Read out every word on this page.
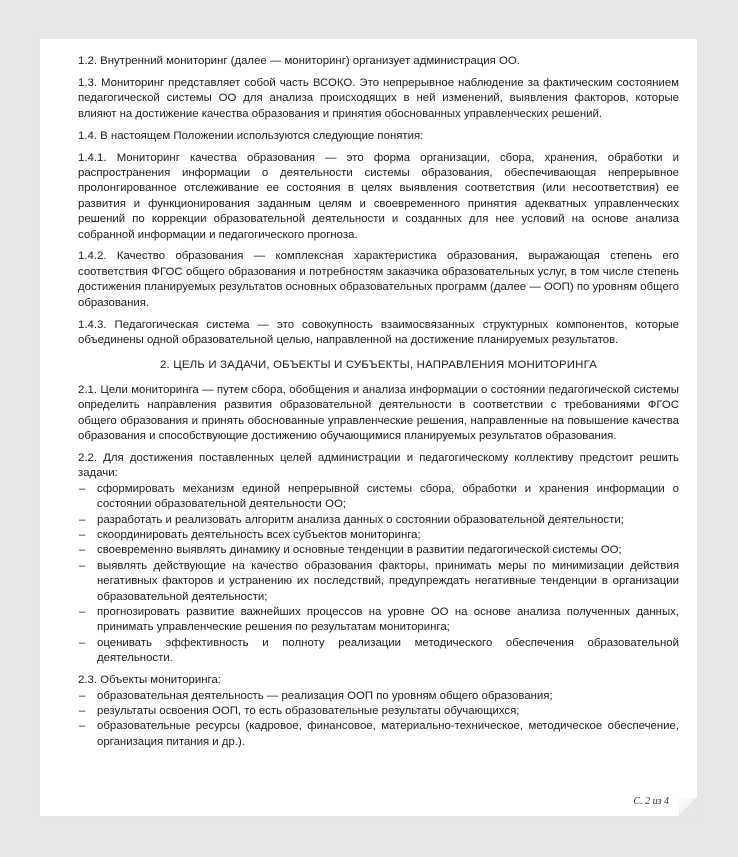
1.2. Внутренний мониторинг (далее — мониторинг) организует администрация ОО.

1.3. Мониторинг представляет собой часть ВСОКО. Это непрерывное наблюдение за фактическим состоянием педагогической системы ОО для анализа происходящих в ней изменений, выявления факторов, которые влияют на достижение качества образования и принятия обоснованных управленческих решений.

1.4. В настоящем Положении используются следующие понятия:

1.4.1. Мониторинг качества образования — это форма организации, сбора, хранения, обработки и распространения информации о деятельности системы образования, обеспечивающая непрерывное пролонгированное отслеживание ее состояния в целях выявления соответствия (или несоответствия) ее развития и функционирования заданным целям и своевременного принятия адекватных управленческих решений по коррекции образовательной деятельности и созданных для нее условий на основе анализа собранной информации и педагогического прогноза.

1.4.2. Качество образования — комплексная характеристика образования, выражающая степень его соответствия ФГОС общего образования и потребностям заказчика образовательных услуг, в том числе степень достижения планируемых результатов основных образовательных программ (далее — ООП) по уровням общего образования.

1.4.3. Педагогическая система — это совокупность взаимосвязанных структурных компонентов, которые объединены одной образовательной целью, направленной на достижение планируемых результатов.

2. ЦЕЛЬ И ЗАДАЧИ, ОБЪЕКТЫ И СУБЪЕКТЫ, НАПРАВЛЕНИЯ МОНИТОРИНГА

2.1. Цели мониторинга — путем сбора, обобщения и анализа информации о состоянии педагогической системы определить направления развития образовательной деятельности в соответствии с требованиями ФГОС общего образования и принять обоснованные управленческие решения, направленные на повышение качества образования и способствующие достижению обучающимися планируемых результатов образования.

2.2. Для достижения поставленных целей администрации и педагогическому коллективу предстоит решить задачи:

– сформировать механизм единой непрерывной системы сбора, обработки и хранения информации о состоянии образовательной деятельности ОО;
– разработать и реализовать алгоритм анализа данных о состоянии образовательной деятельности;
– скоординировать деятельность всех субъектов мониторинга;
– своевременно выявлять динамику и основные тенденции в развитии педагогической системы ОО;
– выявлять действующие на качество образования факторы, принимать меры по минимизации действия негативных факторов и устранению их последствий, предупреждать негативные тенденции в организации образовательной деятельности;
– прогнозировать развитие важнейших процессов на уровне ОО на основе анализа полученных данных, принимать управленческие решения по результатам мониторинга;
– оценивать эффективность и полноту реализации методического обеспечения образовательной деятельности.

2.3. Объекты мониторинга:

– образовательная деятельность — реализация ООП по уровням общего образования;
– результаты освоения ООП, то есть образовательные результаты обучающихся;
– образовательные ресурсы (кадровое, финансовое, материально-техническое, методическое обеспечение, организация питания и др.).
С. 2 из 4
